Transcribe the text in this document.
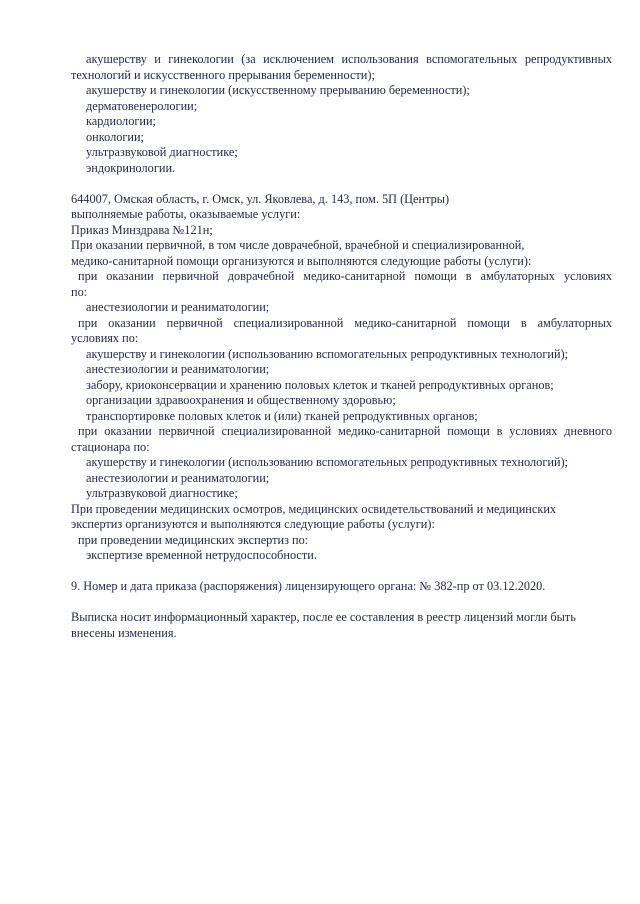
акушерству и гинекологии (за исключением использования вспомогательных репродуктивных
технологий и искусственного прерывания беременности);
акушерству и гинекологии (искусственному прерыванию беременности);
дерматовенерологии;
кардиологии;
онкологии;
ультразвуковой диагностике;
эндокринологии.
644007, Омская область, г. Омск, ул. Яковлева, д. 143, пом. 5П (Центры)
выполняемые работы, оказываемые услуги:
Приказ Минздрава №121н;
При оказании первичной, в том числе доврачебной, врачебной и специализированной,
медико-санитарной помощи организуются и выполняются следующие работы (услуги):
при оказании первичной доврачебной медико-санитарной помощи в амбулаторных условиях
по:
анестезиологии и реаниматологии;
при оказании первичной специализированной медико-санитарной помощи в амбулаторных
условиях по:
акушерству и гинекологии (использованию вспомогательных репродуктивных технологий);
анестезиологии и реаниматологии;
забору, криоконсервации и хранению половых клеток и тканей репродуктивных органов;
организации здравоохранения и общественному здоровью;
транспортировке половых клеток и (или) тканей репродуктивных органов;
при оказании первичной специализированной медико-санитарной помощи в условиях дневного
стационара по:
акушерству и гинекологии (использованию вспомогательных репродуктивных технологий);
анестезиологии и реаниматологии;
ультразвуковой диагностике;
При проведении медицинских осмотров, медицинских освидетельствований и медицинских
экспертиз организуются и выполняются следующие работы (услуги):
при проведении медицинских экспертиз по:
экспертизе временной нетрудоспособности.
9. Номер и дата приказа (распоряжения) лицензирующего органа: № 382-пр от 03.12.2020.
Выписка носит информационный характер, после ее составления в реестр лицензий могли быть
внесены изменения.
